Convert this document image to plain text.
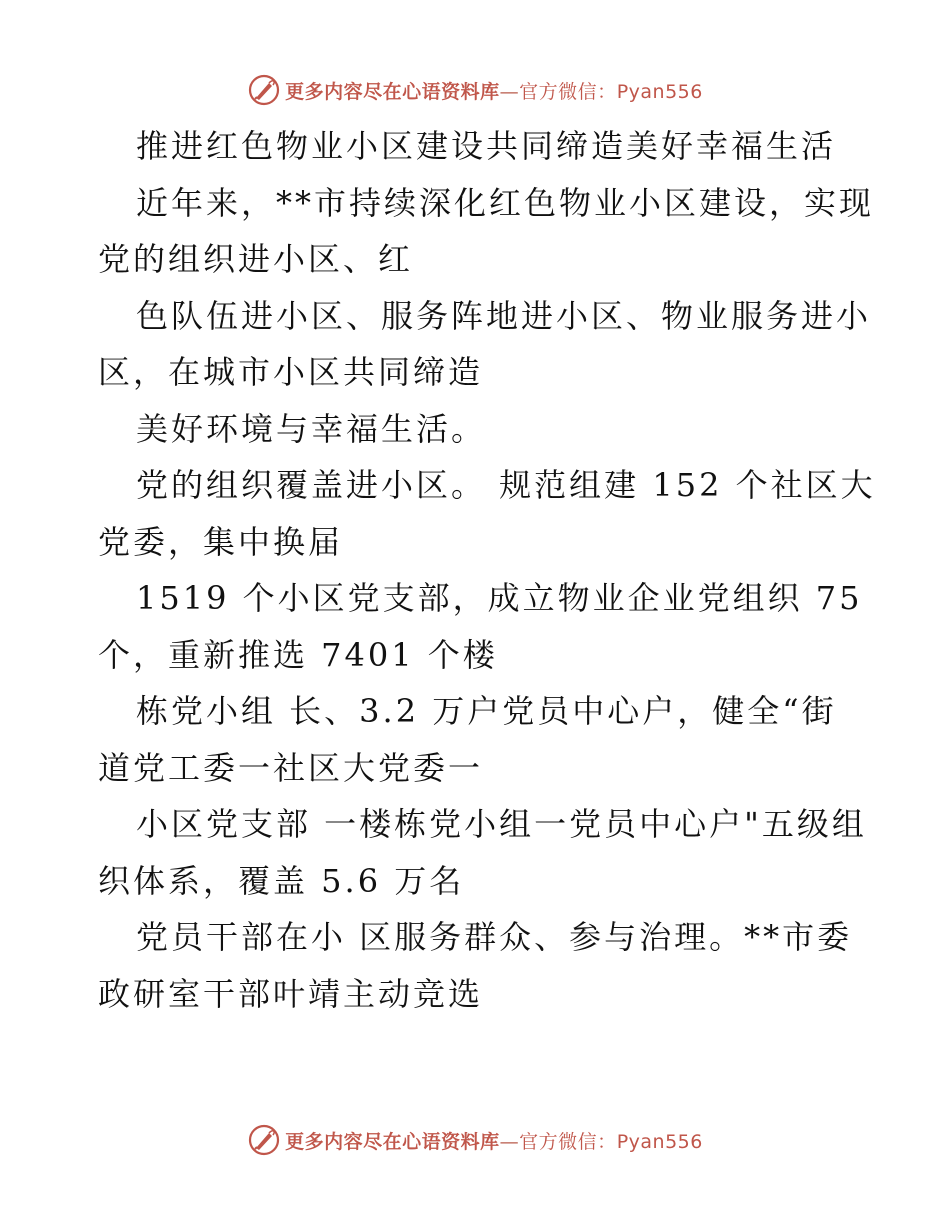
更多内容尽在心语资料库—官方微信：Pyan556
推进红色物业小区建设共同缔造美好幸福生活
近年来，**市持续深化红色物业小区建设，实现
党的组织进小区、红
色队伍进小区、服务阵地进小区、物业服务进小
区，在城市小区共同缔造
美好环境与幸福生活。
党的组织覆盖进小区。 规范组建 152 个社区大
党委，集中换届
1519 个小区党支部，成立物业企业党组织 75
个，重新推选 7401 个楼
栋党小组 长、3.2 万户党员中心户，健全“街
道党工委一社区大党委一
小区党支部 一楼栋党小组一党员中心户"五级组
织体系，覆盖 5.6 万名
党员干部在小 区服务群众、参与治理。**市委
政研室干部叶靖主动竞选
更多内容尽在心语资料库—官方微信：Pyan556
